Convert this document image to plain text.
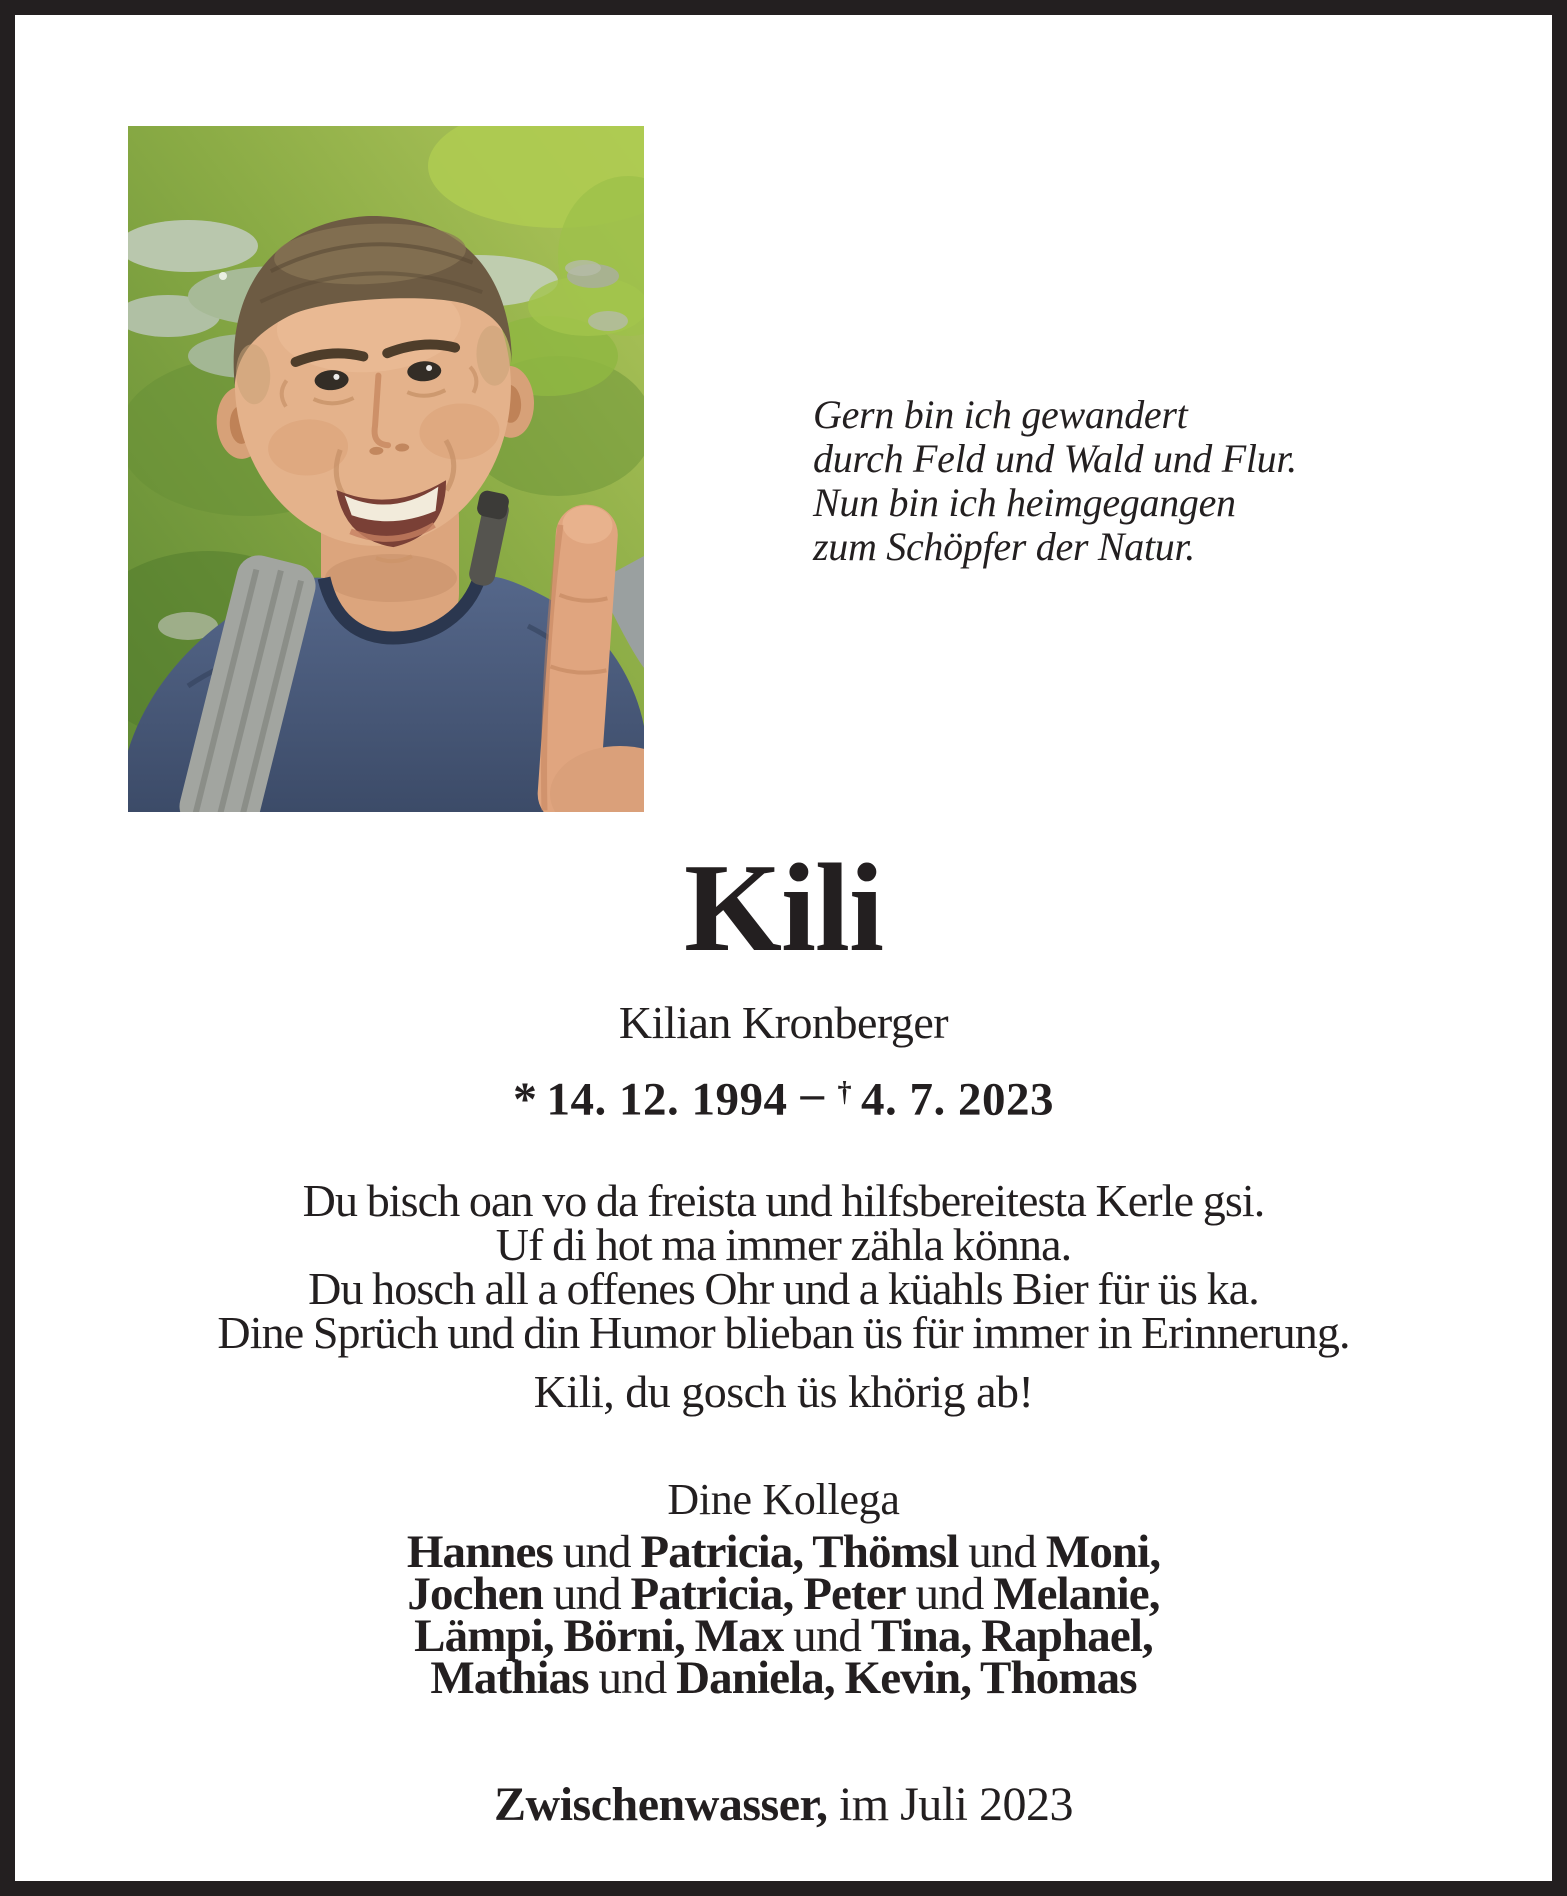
Gern bin ich gewandert
durch Feld und Wald und Flur.
Nun bin ich heimgegangen
zum Schöpfer der Natur.
Kili
Kilian Kronberger
* 14. 12. 1994 – † 4. 7. 2023
Du bisch oan vo da freista und hilfsbereitesta Kerle gsi.
Uf di hot ma immer zähla könna.
Du hosch all a offenes Ohr und a küahls Bier für üs ka.
Dine Sprüch und din Humor blieban üs für immer in Erinnerung.
Kili, du gosch üs khörig ab!
Dine Kollega
Hannes und Patricia, Thömsl und Moni,
Jochen und Patricia, Peter und Melanie,
Lämpi, Börni, Max und Tina, Raphael,
Mathias und Daniela, Kevin, Thomas
Zwischenwasser, im Juli 2023
